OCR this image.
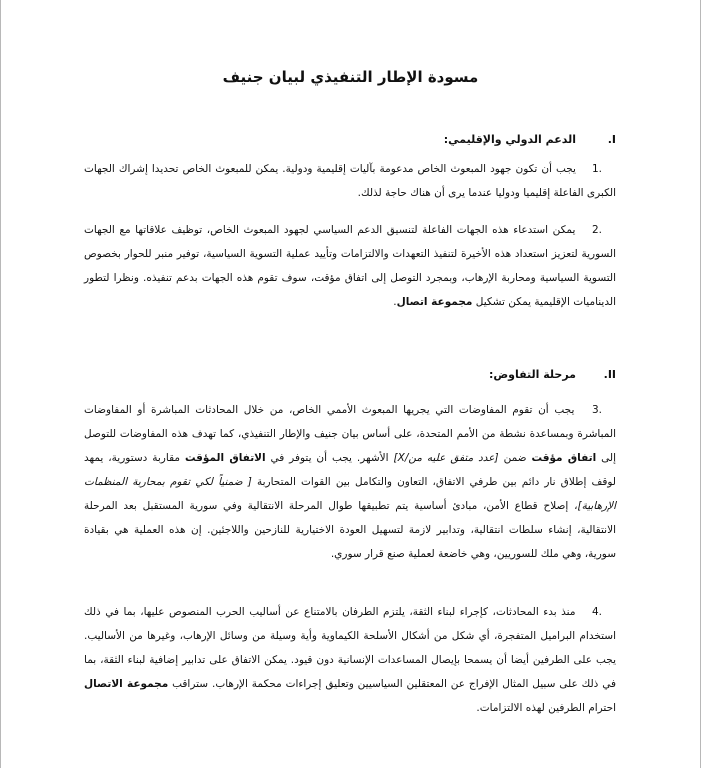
مسودة الإطار التنفيذي لبيان جنيف
I.
الدعم الدولي والإقليمي:

.1 يجب أن تكون جهود المبعوث الخاص مدعومة بآليات إقليمية ودولية. يمكن للمبعوث الخاص تحديدا إشراك الجهات الكبرى الفاعلة إقليميا ودوليا عندما يرى أن هناك حاجة لذلك.

.2 يمكن استدعاء هذه الجهات الفاعلة لتنسيق الدعم السياسي لجهود المبعوث الخاص، توظيف علاقاتها مع الجهات السورية لتعزيز استعداد هذه الأخيرة لتنفيذ التعهدات والالتزامات وتأييد عملية التسوية السياسية، توفير منبر للحوار بخصوص التسوية السياسية ومحاربة الإرهاب، وبمجرد التوصل إلى اتفاق مؤقت، سوف تقوم هذه الجهات بدعم تنفيذه. ونظرا لتطور الديناميات الإقليمية يمكن تشكيل مجموعة اتصال.

II.
مرحلة التفاوض:

.3 يجب أن تقوم المفاوضات التي يجريها المبعوث الأممي الخاص، من خلال المحادثات المباشرة أو المفاوضات المباشرة وبمساعدة نشطة من الأمم المتحدة، على أساس بيان جنيف والإطار التنفيذي، كما تهدف هذه المفاوضات للتوصل إلى اتفاق مؤقت ضمن [عدد متفق عليه من/X] الأشهر. يجب أن يتوفر في الاتفاق المؤقت مقاربة دستورية، يمهد لوقف إطلاق نار دائم بين طرفي الاتفاق، التعاون والتكامل بين القوات المتحاربة [ ضمنياً لكي تقوم بمحاربة المنظمات الإرهابية]، إصلاح قطاع الأمن، مبادئ أساسية يتم تطبيقها طوال المرحلة الانتقالية وفي سورية المستقبل بعد المرحلة الانتقالية، إنشاء سلطات انتقالية، وتدابير لازمة لتسهيل العودة الاختيارية للنازحين واللاجئين. إن هذه العملية هي بقيادة سورية، وهي ملك للسوريين، وهي خاضعة لعملية صنع قرار سوري.

.4 منذ بدء المحادثات، كإجراء لبناء الثقة، يلتزم الطرفان بالامتناع عن أساليب الحرب المنصوص عليها، بما في ذلك استخدام البراميل المتفجرة، أي شكل من أشكال الأسلحة الكيماوية وأية وسيلة من وسائل الإرهاب، وغيرها من الأساليب. يجب على الطرفين أيضا أن يسمحا بإيصال المساعدات الإنسانية دون قيود. يمكن الاتفاق على تدابير إضافية لبناء الثقة، بما في ذلك على سبيل المثال الإفراج عن المعتقلين السياسيين وتعليق إجراءات محكمة الإرهاب. ستراقب مجموعة الاتصال احترام الطرفين لهذه الالتزامات.
